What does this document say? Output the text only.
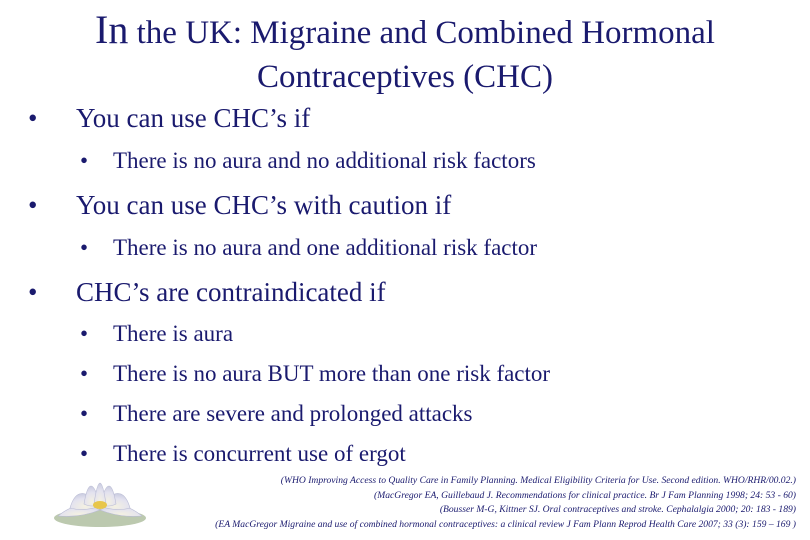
In the UK: Migraine and Combined Hormonal
Contraceptives (CHC)
• You can use CHC’s if
• There is no aura and no additional risk factors
• You can use CHC’s with caution if
• There is no aura and one additional risk factor
• CHC’s are contraindicated if
• There is aura
• There is no aura BUT more than one risk factor
• There are severe and prolonged attacks
• There is concurrent use of ergot
(WHO Improving Access to Quality Care in Family Planning. Medical Eligibility Criteria for Use. Second edition. WHO/RHR/00.02.)
(MacGregor EA, Guillebaud J. Recommendations for clinical practice. Br J Fam Planning 1998; 24: 53 - 60)
(Bousser M-G, Kittner SJ. Oral contraceptives and stroke. Cephalalgia 2000; 20: 183 - 189)
(EA MacGregor Migraine and use of combined hormonal contraceptives: a clinical review J Fam Plann Reprod Health Care 2007; 33 (3): 159 – 169 )
